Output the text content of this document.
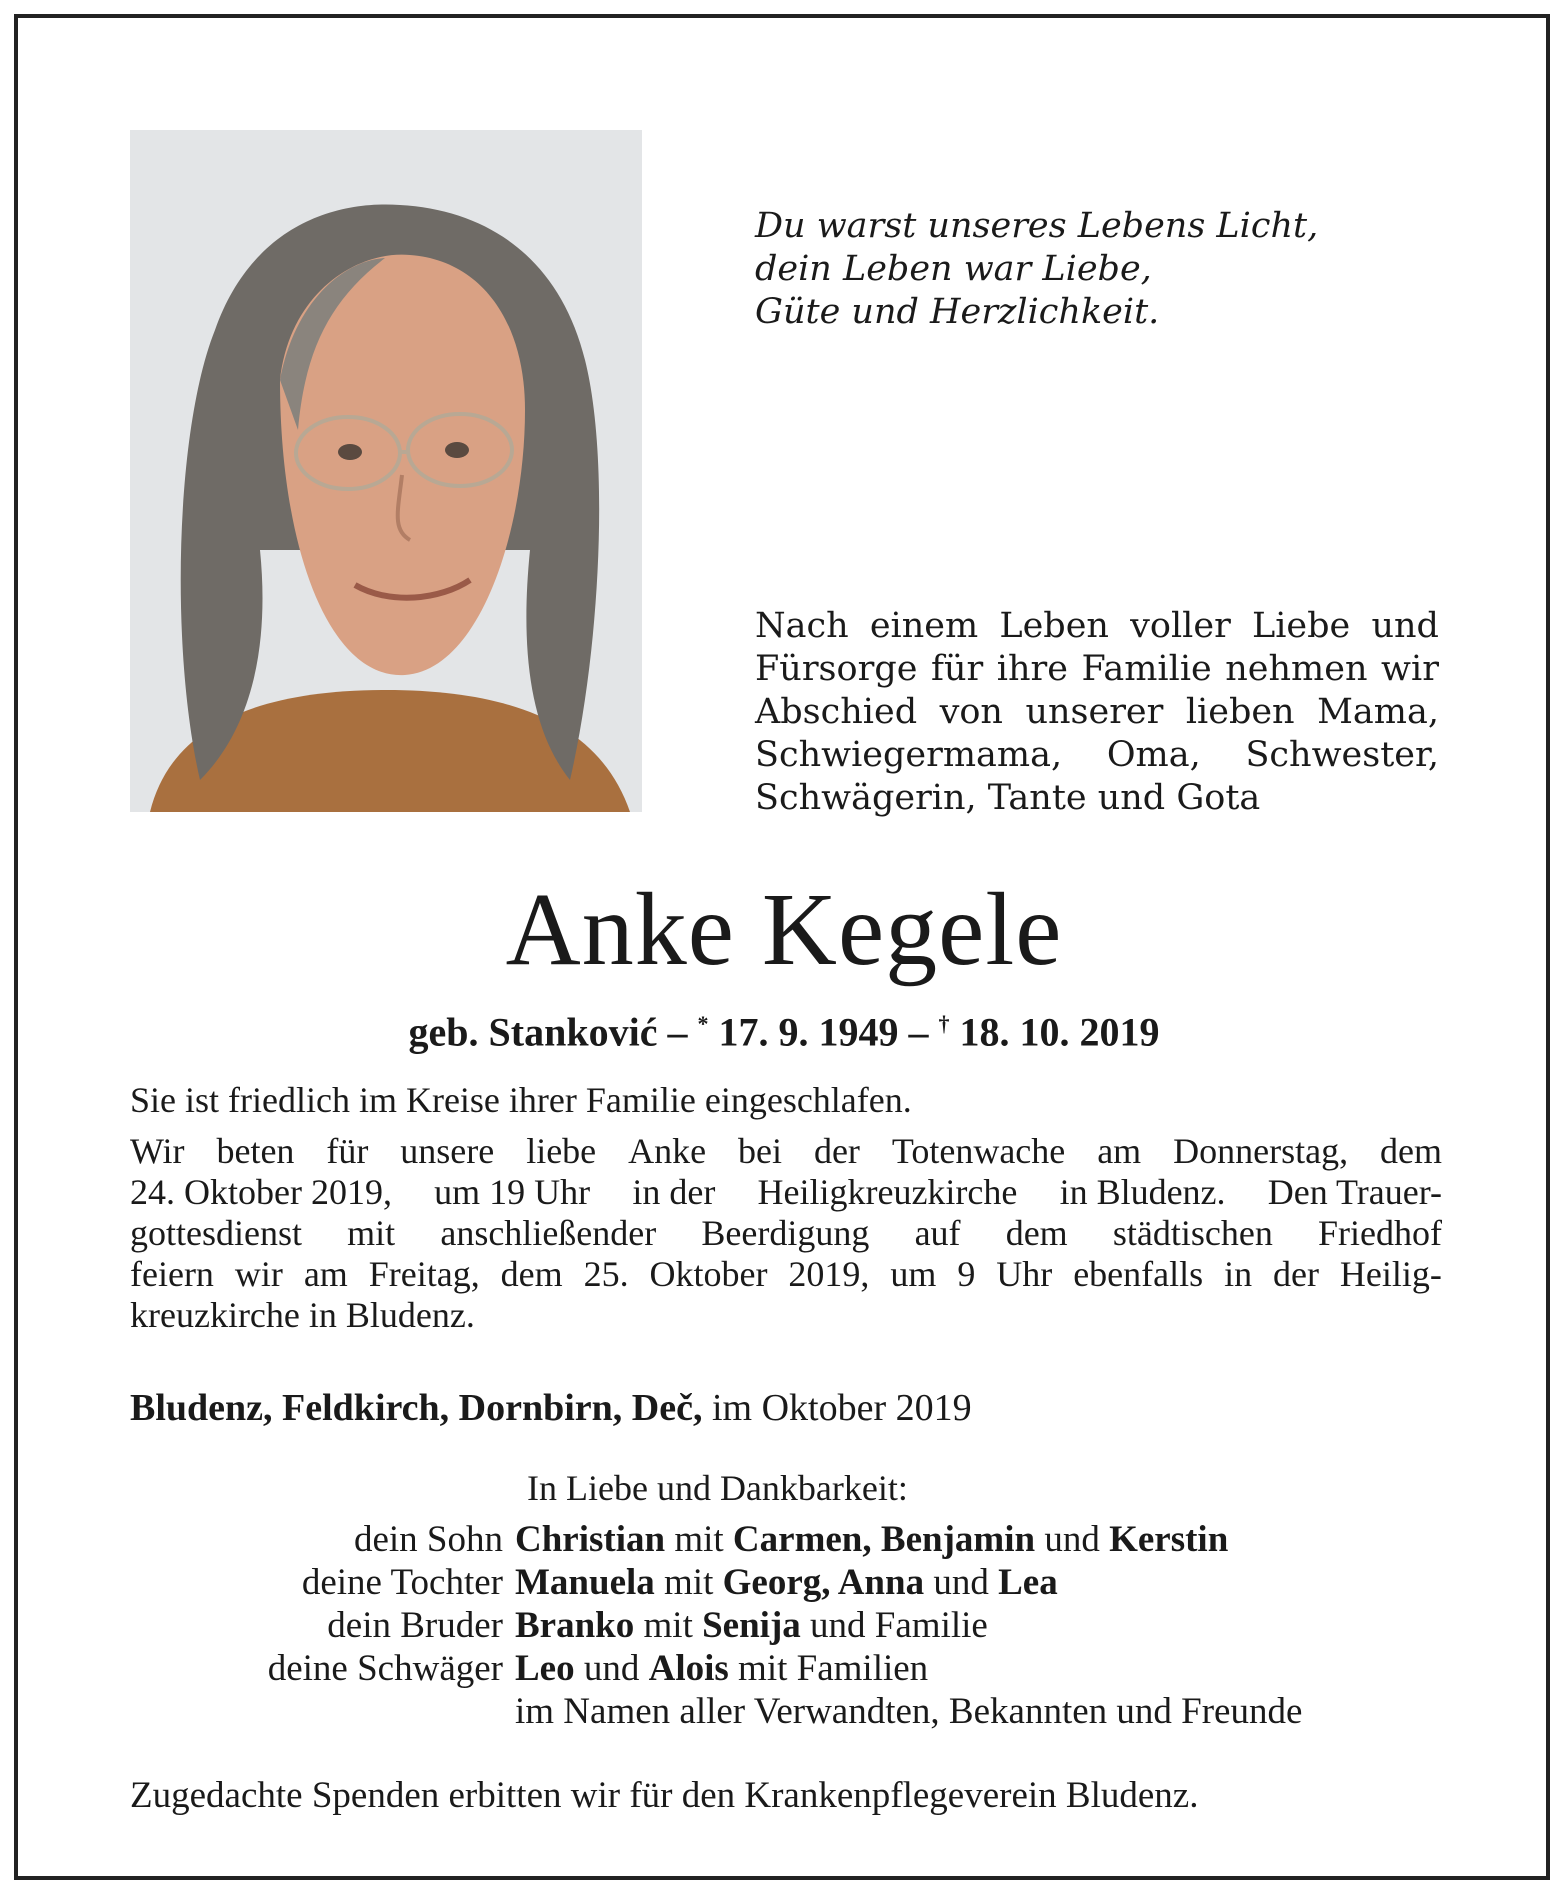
Du warst unseres Lebens Licht,
dein Leben war Liebe,
Güte und Herzlichkeit.
Nach einem Leben voller Liebe und
Fürsorge für ihre Familie nehmen wir
Abschied von unserer lieben Mama,
Schwiegermama, Oma, Schwester,
Schwägerin, Tante und Gota
Anke Kegele
geb. Stanković – * 17. 9. 1949 – † 18. 10. 2019

Sie ist friedlich im Kreise ihrer Familie eingeschlafen.

Wir beten für unsere liebe Anke bei der Totenwache am Donnerstag, dem
24. Oktober 2019, um 19 Uhr in der Heiligkreuzkirche in Bludenz. Den Trauer-
gottesdienst mit anschließender Beerdigung auf dem städtischen Friedhof
feiern wir am Freitag, dem 25. Oktober 2019, um 9 Uhr ebenfalls in der Heilig-
kreuzkirche in Bludenz.
Bludenz, Feldkirch, Dornbirn, Deč, im Oktober 2019
In Liebe und Dankbarkeit:
dein Sohn Christian mit Carmen, Benjamin und Kerstin
deine Tochter Manuela mit Georg, Anna und Lea
dein Bruder Branko mit Senija und Familie
deine Schwäger Leo und Alois mit Familien
im Namen aller Verwandten, Bekannten und Freunde
Zugedachte Spenden erbitten wir für den Krankenpflegeverein Bludenz.
